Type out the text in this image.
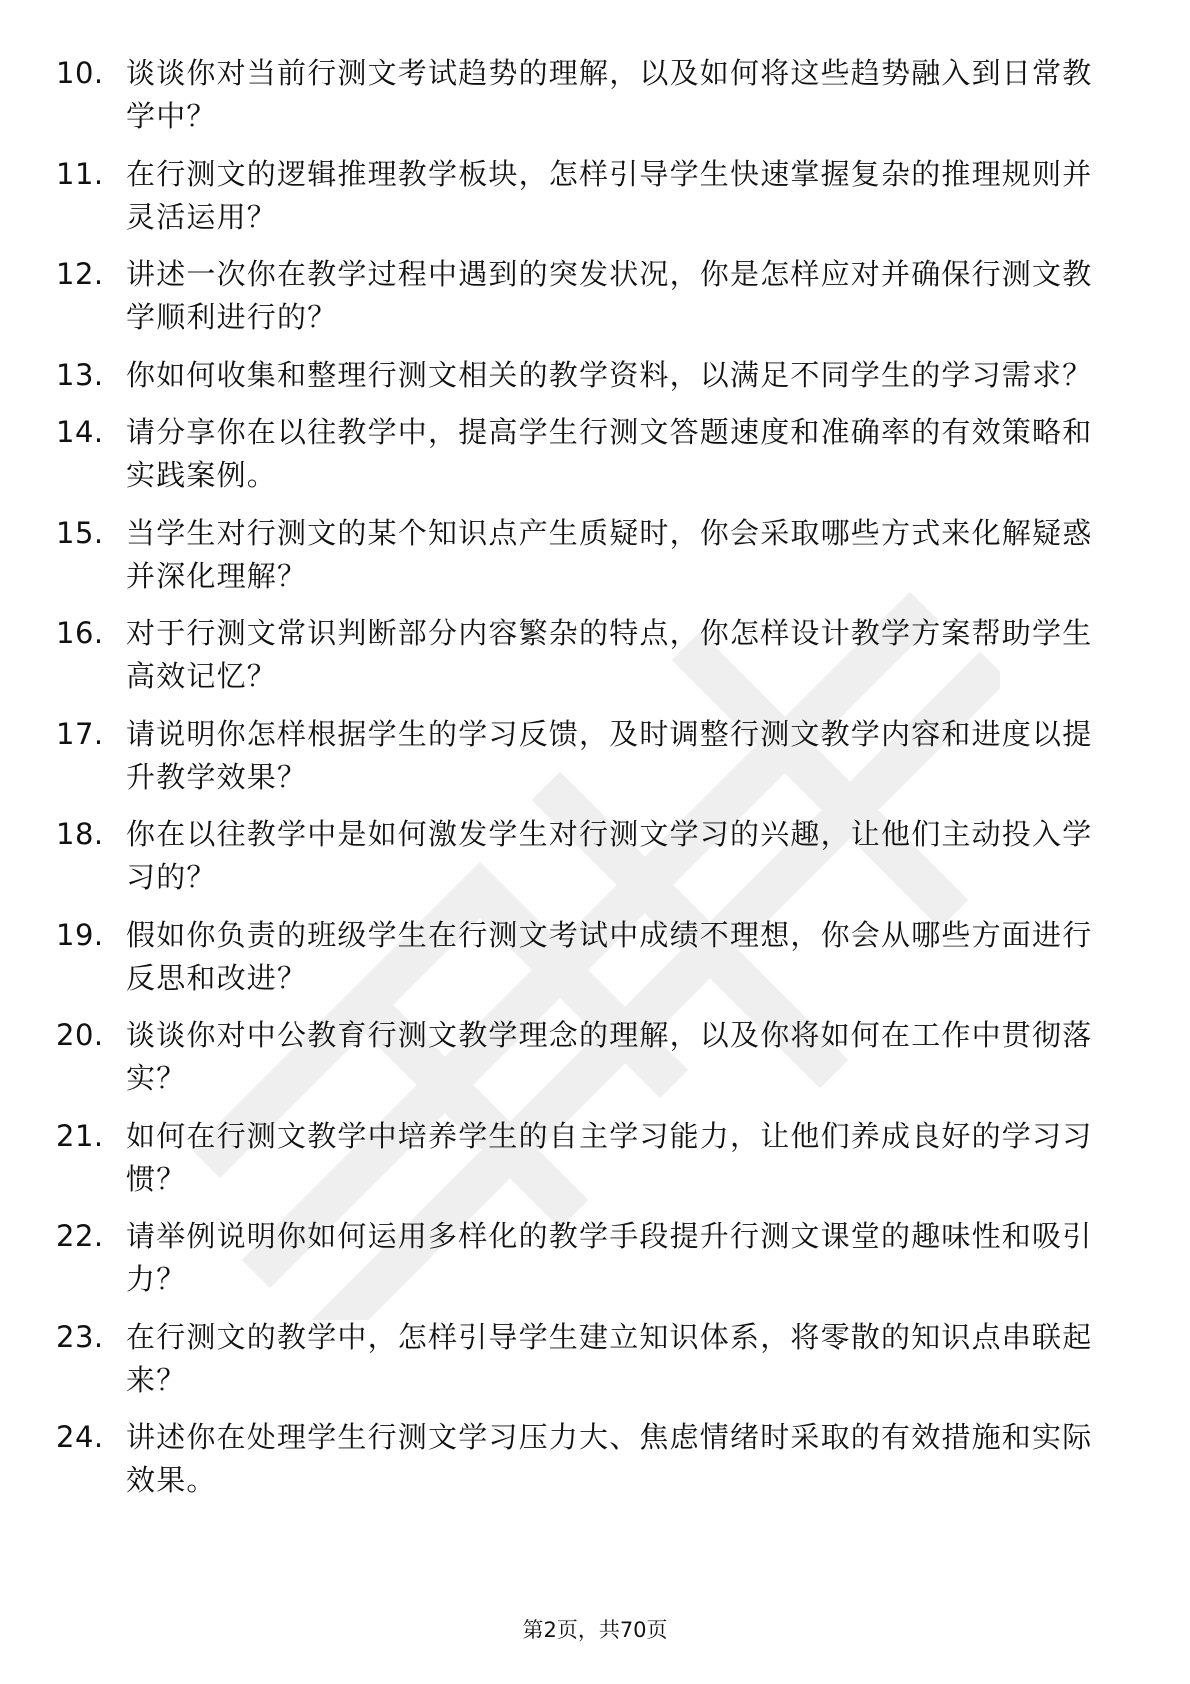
10. 谈谈你对当前行测文考试趋势的理解，以及如何将这些趋势融入到日常教学中？
11. 在行测文的逻辑推理教学板块，怎样引导学生快速掌握复杂的推理规则并灵活运用？
12. 讲述一次你在教学过程中遇到的突发状况，你是怎样应对并确保行测文教学顺利进行的？
13. 你如何收集和整理行测文相关的教学资料，以满足不同学生的学习需求？
14. 请分享你在以往教学中，提高学生行测文答题速度和准确率的有效策略和实践案例。
15. 当学生对行测文的某个知识点产生质疑时，你会采取哪些方式来化解疑惑并深化理解？
16. 对于行测文常识判断部分内容繁杂的特点，你怎样设计教学方案帮助学生高效记忆？
17. 请说明你怎样根据学生的学习反馈，及时调整行测文教学内容和进度以提升教学效果？
18. 你在以往教学中是如何激发学生对行测文学习的兴趣，让他们主动投入学习的？
19. 假如你负责的班级学生在行测文考试中成绩不理想，你会从哪些方面进行反思和改进？
20. 谈谈你对中公教育行测文教学理念的理解，以及你将如何在工作中贯彻落实？
21. 如何在行测文教学中培养学生的自主学习能力，让他们养成良好的学习习惯？
22. 请举例说明你如何运用多样化的教学手段提升行测文课堂的趣味性和吸引力？
23. 在行测文的教学中，怎样引导学生建立知识体系，将零散的知识点串联起来？
24. 讲述你在处理学生行测文学习压力大、焦虑情绪时采取的有效措施和实际效果。
第2页，共70页
